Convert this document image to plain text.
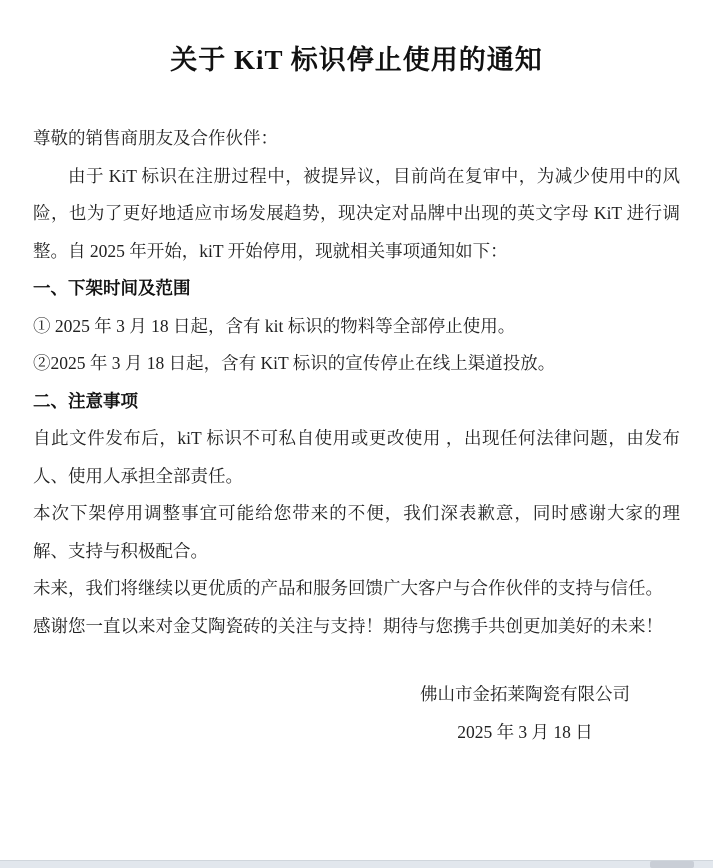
关于 KiT 标识停止使用的通知

尊敬的销售商朋友及合作伙伴：

由于 KiT 标识在注册过程中，被提异议，目前尚在复审中，为减少使用中的风险，也为了更好地适应市场发展趋势，现决定对品牌中出现的英文字母 KiT 进行调整。自 2025 年开始，kiT 开始停用，现就相关事项通知如下：

一、下架时间及范围

① 2025 年 3 月 18 日起，含有 kit 标识的物料等全部停止使用。

②2025 年 3 月 18 日起，含有 KiT 标识的宣传停止在线上渠道投放。

二、注意事项

自此文件发布后，kiT 标识不可私自使用或更改使用 ，出现任何法律问题，由发布人、使用人承担全部责任。

本次下架停用调整事宜可能给您带来的不便，我们深表歉意，同时感谢大家的理解、支持与积极配合。

未来，我们将继续以更优质的产品和服务回馈广大客户与合作伙伴的支持与信任。

感谢您一直以来对金艾陶瓷砖的关注与支持！期待与您携手共创更加美好的未来！

佛山市金拓莱陶瓷有限公司

2025 年 3 月 18 日
